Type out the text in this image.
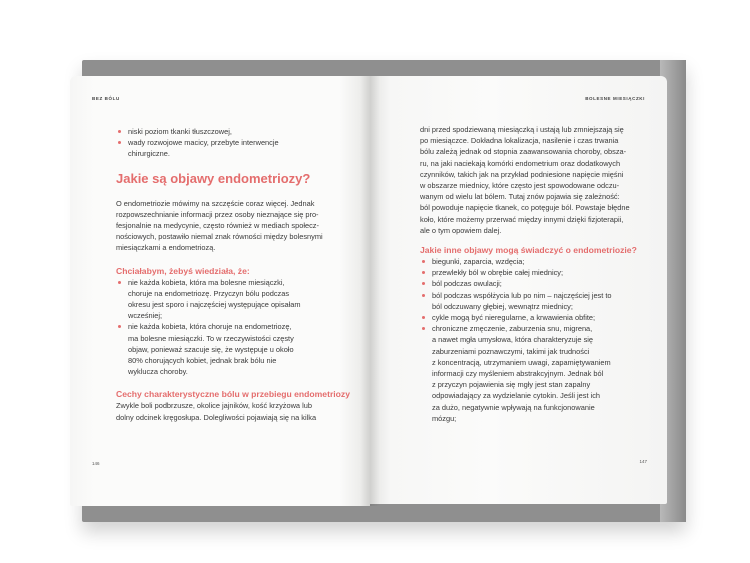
BEZ BÓLU
niski poziom tkanki tłuszczowej,
wady rozwojowe macicy, przebyte interwencje
chirurgiczne.
Jakie są objawy endometriozy?
O endometriozie mówimy na szczęście coraz więcej. Jednak
rozpowszechnianie informacji przez osoby nieznające się pro-
fesjonalnie na medycynie, często również w mediach społecz-
nościowych, postawiło niemal znak równości między bolesnymi
miesiączkami a endometriozą.
Chciałabym, żebyś wiedziała, że:
nie każda kobieta, która ma bolesne miesiączki,
choruje na endometriozę. Przyczyn bólu podczas
okresu jest sporo i najczęściej występujące opisałam
wcześniej;
nie każda kobieta, która choruje na endometriozę,
ma bolesne miesiączki. To w rzeczywistości częsty
objaw, ponieważ szacuje się, że występuje u około
80% chorujących kobiet, jednak brak bólu nie
wyklucza choroby.
Cechy charakterystyczne bólu w przebiegu endometriozy
Zwykle boli podbrzusze, okolice jajników, kość krzyżowa lub
dolny odcinek kręgosłupa. Dolegliwości pojawiają się na kilka
146
BOLESNE MIESIĄCZKI
dni przed spodziewaną miesiączką i ustają lub zmniejszają się
po miesiączce. Dokładna lokalizacja, nasilenie i czas trwania
bólu zależą jednak od stopnia zaawansowania choroby, obsza-
ru, na jaki naciekają komórki endometrium oraz dodatkowych
czynników, takich jak na przykład podniesione napięcie mięśni
w obszarze miednicy, które często jest spowodowane odczu-
wanym od wielu lat bólem. Tutaj znów pojawia się zależność:
ból powoduje napięcie tkanek, co potęguje ból. Powstaje błędne
koło, które możemy przerwać między innymi dzięki fizjoterapii,
ale o tym opowiem dalej.
Jakie inne objawy mogą świadczyć o endometriozie?
biegunki, zaparcia, wzdęcia;
przewlekły ból w obrębie całej miednicy;
ból podczas owulacji;
ból podczas współżycia lub po nim – najczęściej jest to
ból odczuwany głębiej, wewnątrz miednicy;
cykle mogą być nieregularne, a krwawienia obfite;
chroniczne zmęczenie, zaburzenia snu, migrena,
a nawet mgła umysłowa, która charakteryzuje się
zaburzeniami poznawczymi, takimi jak trudności
z koncentracją, utrzymaniem uwagi, zapamiętywaniem
informacji czy myśleniem abstrakcyjnym. Jednak ból
z przyczyn pojawienia się mgły jest stan zapalny
odpowiadający za wydzielanie cytokin. Jeśli jest ich
za dużo, negatywnie wpływają na funkcjonowanie
mózgu;
147
